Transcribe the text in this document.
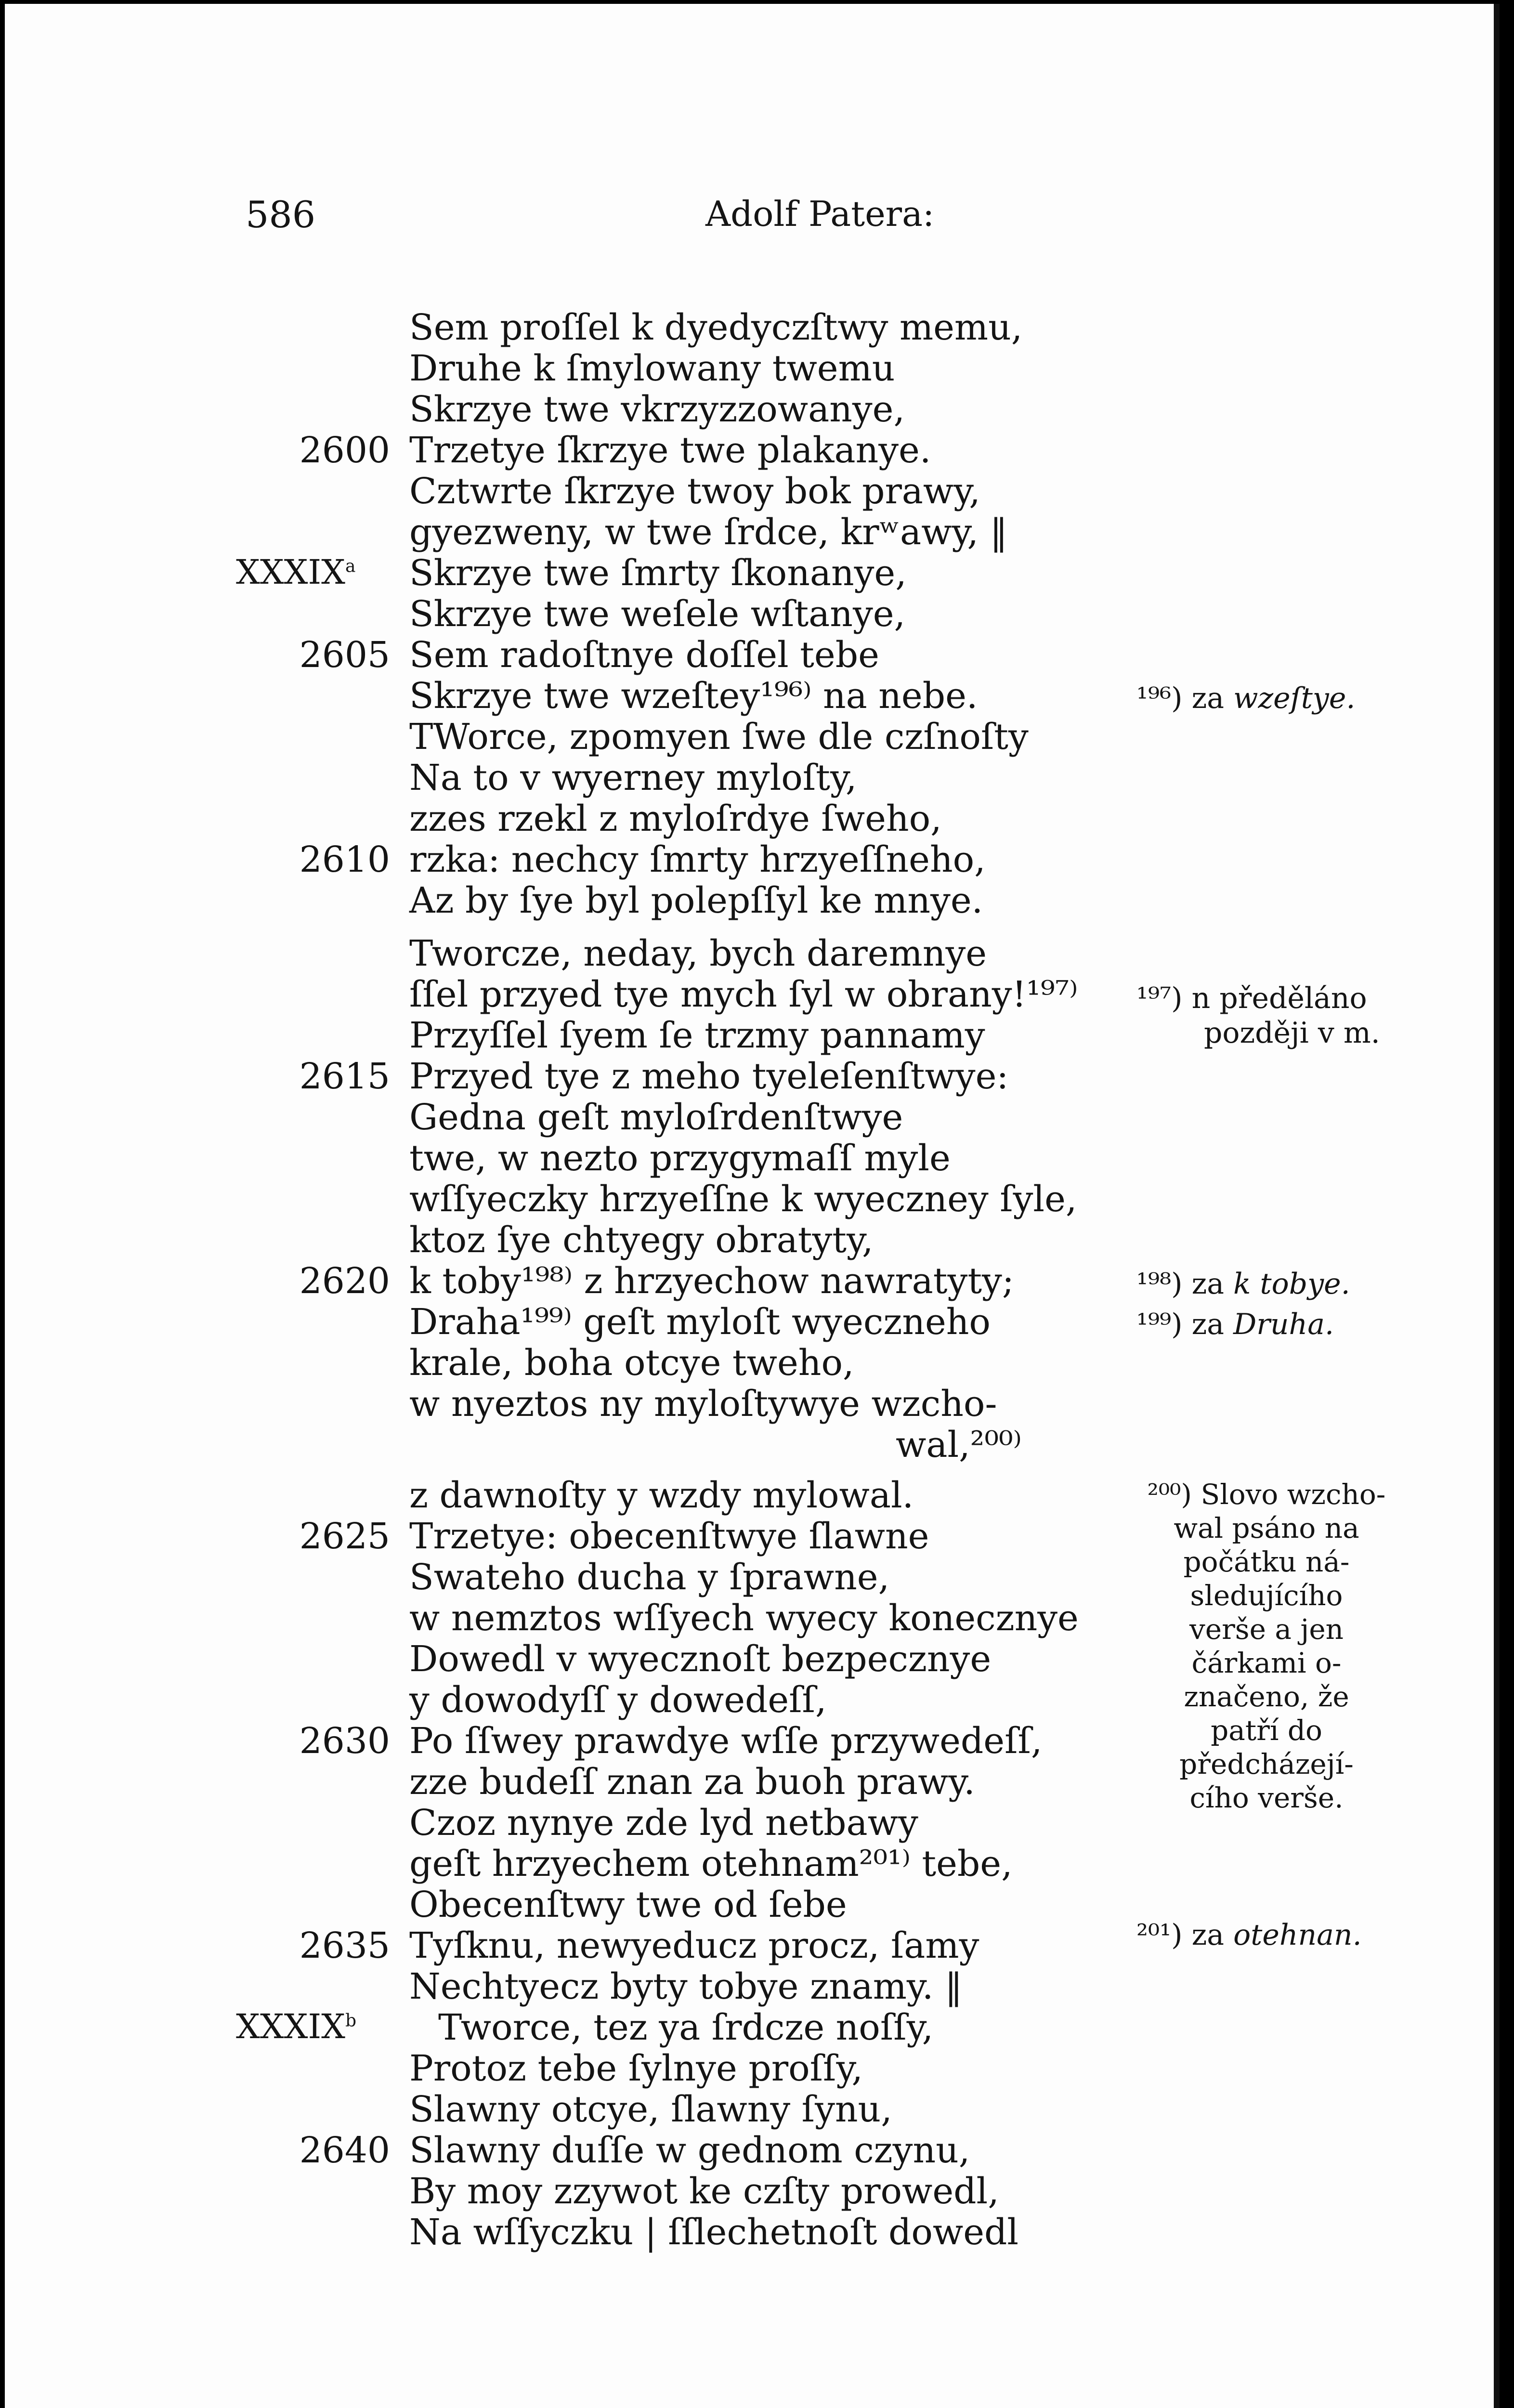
586	Adolf Patera:
Sem proſſel k dyedyczſtwy memu,
Druhe k ſmylowany twemu
Skrzye twe vkrzyzzowanye,
2600 Trzetye ſkrzye twe plakanye.
Cztwrte ſkrzye twoy bok prawy,
gyezweny, w twe ſrdce, krʷawy, ‖
XXXIX$^a$ Skrzye twe ſmrty ſkonanye,
Skrzye twe weſele wſtanye,
2605 Sem radoſtnye doſſel tebe
Skrzye twe wzeſtey¹⁹⁶⁾ na nebe.
TWorce, zpomyen ſwe dle czſnoſty
Na to v wyerney myloſty,
zzes rzekl z myloſrdye ſweho,
2610 rzka: nechcy ſmrty hrzyeſſneho,
Az by ſye byl polepſſyl ke mnye.
Tworcze, neday, bych daremnye
ſſel przyed tye mych ſyl w obrany!¹⁹⁷⁾
Przyſſel ſyem ſe trzmy pannamy
2615 Przyed tye z meho tyeleſenſtwye:
Gedna geſt myloſrdenſtwye
twe, w nezto przygymaſſ myle
wſſyeczky hrzyeſſne k wyeczney ſyle,
ktoz ſye chtyegy obratyty,
2620 k toby¹⁹⁸⁾ z hrzyechow nawratyty;
Draha¹⁹⁹⁾ geſt myloſt wyeczneho
krale, boha otcye tweho,
w nyeztos ny myloſtywye wzcho-
wal,²⁰⁰⁾
z dawnoſty y wzdy mylowal.
2625 Trzetye: obecenſtwye ſlawne
Swateho ducha y ſprawne,
w nemztos wſſyech wyecy konecznye
Dowedl v wyecznoſt bezpecznye
y dowodyſſ y dowedeſſ,
2630 Po ſſwey prawdye wſſe przywedeſſ,
zze budeſſ znan za buoh prawy.
Czoz nynye zde lyd netbawy
geſt hrzyechem otehnam²⁰¹⁾ tebe,
Obecenſtwy twe od ſebe
2635 Tyſknu, newyeducz procz, ſamy
Nechtyecz byty tobye znamy. ‖
XXXIX$^b$ Tworce, tez ya ſrdcze noſſy,
Protoz tebe ſylnye proſſy,
Slawny otcye, ſlawny ſynu,
2640 Slawny duſſe w gednom czynu,
By moy zzywot ke czſty prowedl,
Na wſſyczku | ſſlechetnoſt dowedl
¹⁹⁶) za wzeſtye.
¹⁹⁷) n předěláno
později v m.
¹⁹⁸) za k tobye.
¹⁹⁹) za Druha.
²⁰⁰) Slovo wzcho-
wal psáno na
počátku ná-
sledujícího
verše a jen
čárkami o-
značeno, že
patří do
předcházejí-
cího verše.
²⁰¹) za otehnan.
